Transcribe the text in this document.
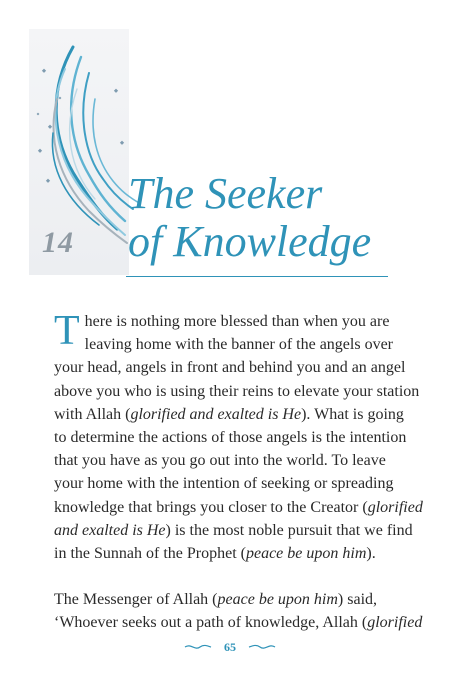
14
The Seeker
of Knowledge

T here is nothing more blessed than when you are
leaving home with the banner of the angels over
your head, angels in front and behind you and an angel
above you who is using their reins to elevate your station
with Allah (glorified and exalted is He). What is going
to determine the actions of those angels is the intention
that you have as you go out into the world. To leave
your home with the intention of seeking or spreading
knowledge that brings you closer to the Creator (glorified
and exalted is He) is the most noble pursuit that we find
in the Sunnah of the Prophet (peace be upon him).

The Messenger of Allah (peace be upon him) said,
‘Whoever seeks out a path of knowledge, Allah (glorified

65
